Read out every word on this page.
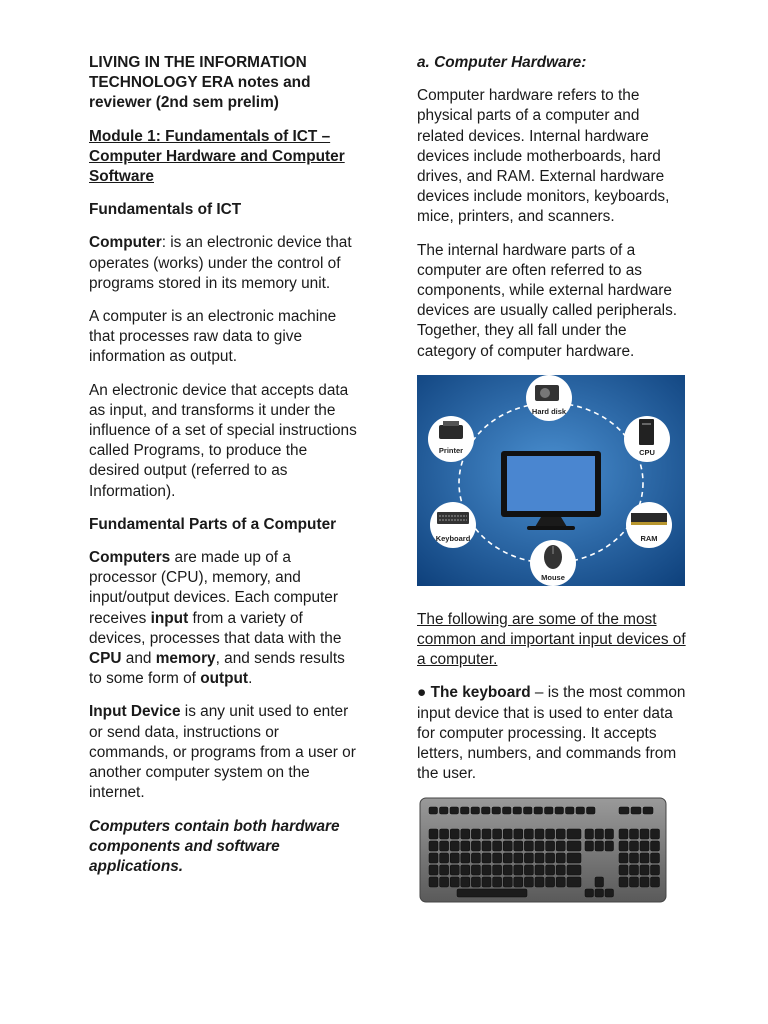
LIVING IN THE INFORMATION TECHNOLOGY ERA notes and reviewer (2nd sem prelim)

Module 1: Fundamentals of ICT – Computer Hardware and Computer Software

Fundamentals of ICT

Computer: is an electronic device that operates (works) under the control of programs stored in its memory unit.

A computer is an electronic machine that processes raw data to give information as output.

An electronic device that accepts data as input, and transforms it under the influence of a set of special instructions called Programs, to produce the desired output (referred to as Information).

Fundamental Parts of a Computer

Computers are made up of a processor (CPU), memory, and input/output devices. Each computer receives input from a variety of devices, processes that data with the CPU and memory, and sends results to some form of output.

Input Device is any unit used to enter or send data, instructions or commands, or programs from a user or another computer system on the internet.

Computers contain both hardware components and software applications.

a. Computer Hardware:

Computer hardware refers to the physical parts of a computer and related devices. Internal hardware devices include motherboards, hard drives, and RAM. External hardware devices include monitors, keyboards, mice, printers, and scanners.

The internal hardware parts of a computer are often referred to as components, while external hardware devices are usually called peripherals. Together, they all fall under the category of computer hardware.

Hard disk
Printer	CPU
Keyboard	RAM
Mouse

The following are some of the most common and important input devices of a computer.

● The keyboard – is the most common input device that is used to enter data for computer processing. It accepts letters, numbers, and commands from the user.
